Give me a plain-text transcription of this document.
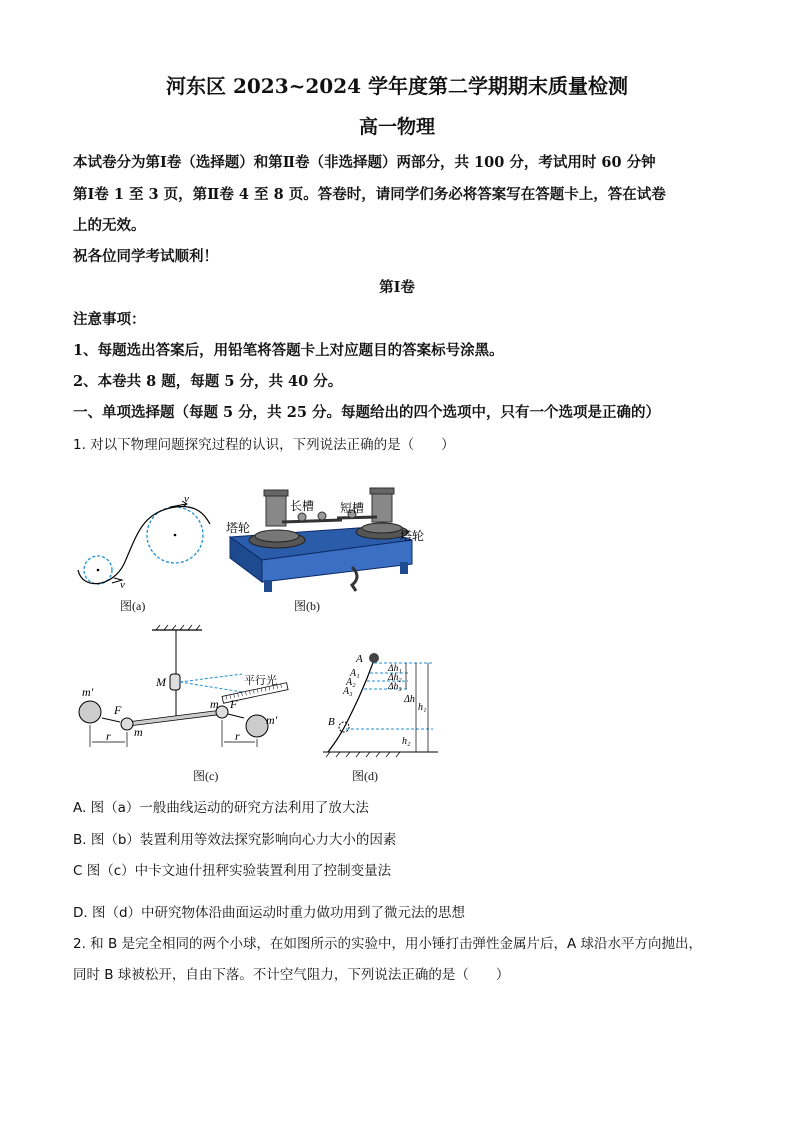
河东区 2023~2024 学年度第二学期期末质量检测
高一物理
本试卷分为第Ⅰ卷（选择题）和第Ⅱ卷（非选择题）两部分，共 100 分，考试用时 60 分钟
第Ⅰ卷 1 至 3 页，第Ⅱ卷 4 至 8 页。答卷时，请同学们务必将答案写在答题卡上，答在试卷
上的无效。
祝各位同学考试顺利！
第Ⅰ卷
注意事项：
1、每题选出答案后，用铅笔将答题卡上对应题目的答案标号涂黑。
2、本卷共 8 题，每题 5 分，共 40 分。
一、单项选择题（每题 5 分，共 25 分。每题给出的四个选项中，只有一个选项是正确的）
1. 对以下物理问题探究过程的认识，下列说法正确的是（　　）
v
v
图(a)
长槽 短槽
塔轮
塔轮
图(b)
M	平行光
m′
m′
F	F
m
m
r	r
图(c)
A
A₁
A₂
A₃
B
Δh₁
Δh₂
Δh₃
Δh
h₁
h₂
图(d)
A. 图（a）一般曲线运动的研究方法利用了放大法
B. 图（b）装置利用等效法探究影响向心力大小的因素
C 图（c）中卡文迪什扭秤实验装置利用了控制变量法
D. 图（d）中研究物体沿曲面运动时重力做功用到了微元法的思想
2. 和 B 是完全相同的两个小球，在如图所示的实验中，用小锤打击弹性金属片后，A 球沿水平方向抛出，
同时 B 球被松开，自由下落。不计空气阻力，下列说法正确的是（　　）
